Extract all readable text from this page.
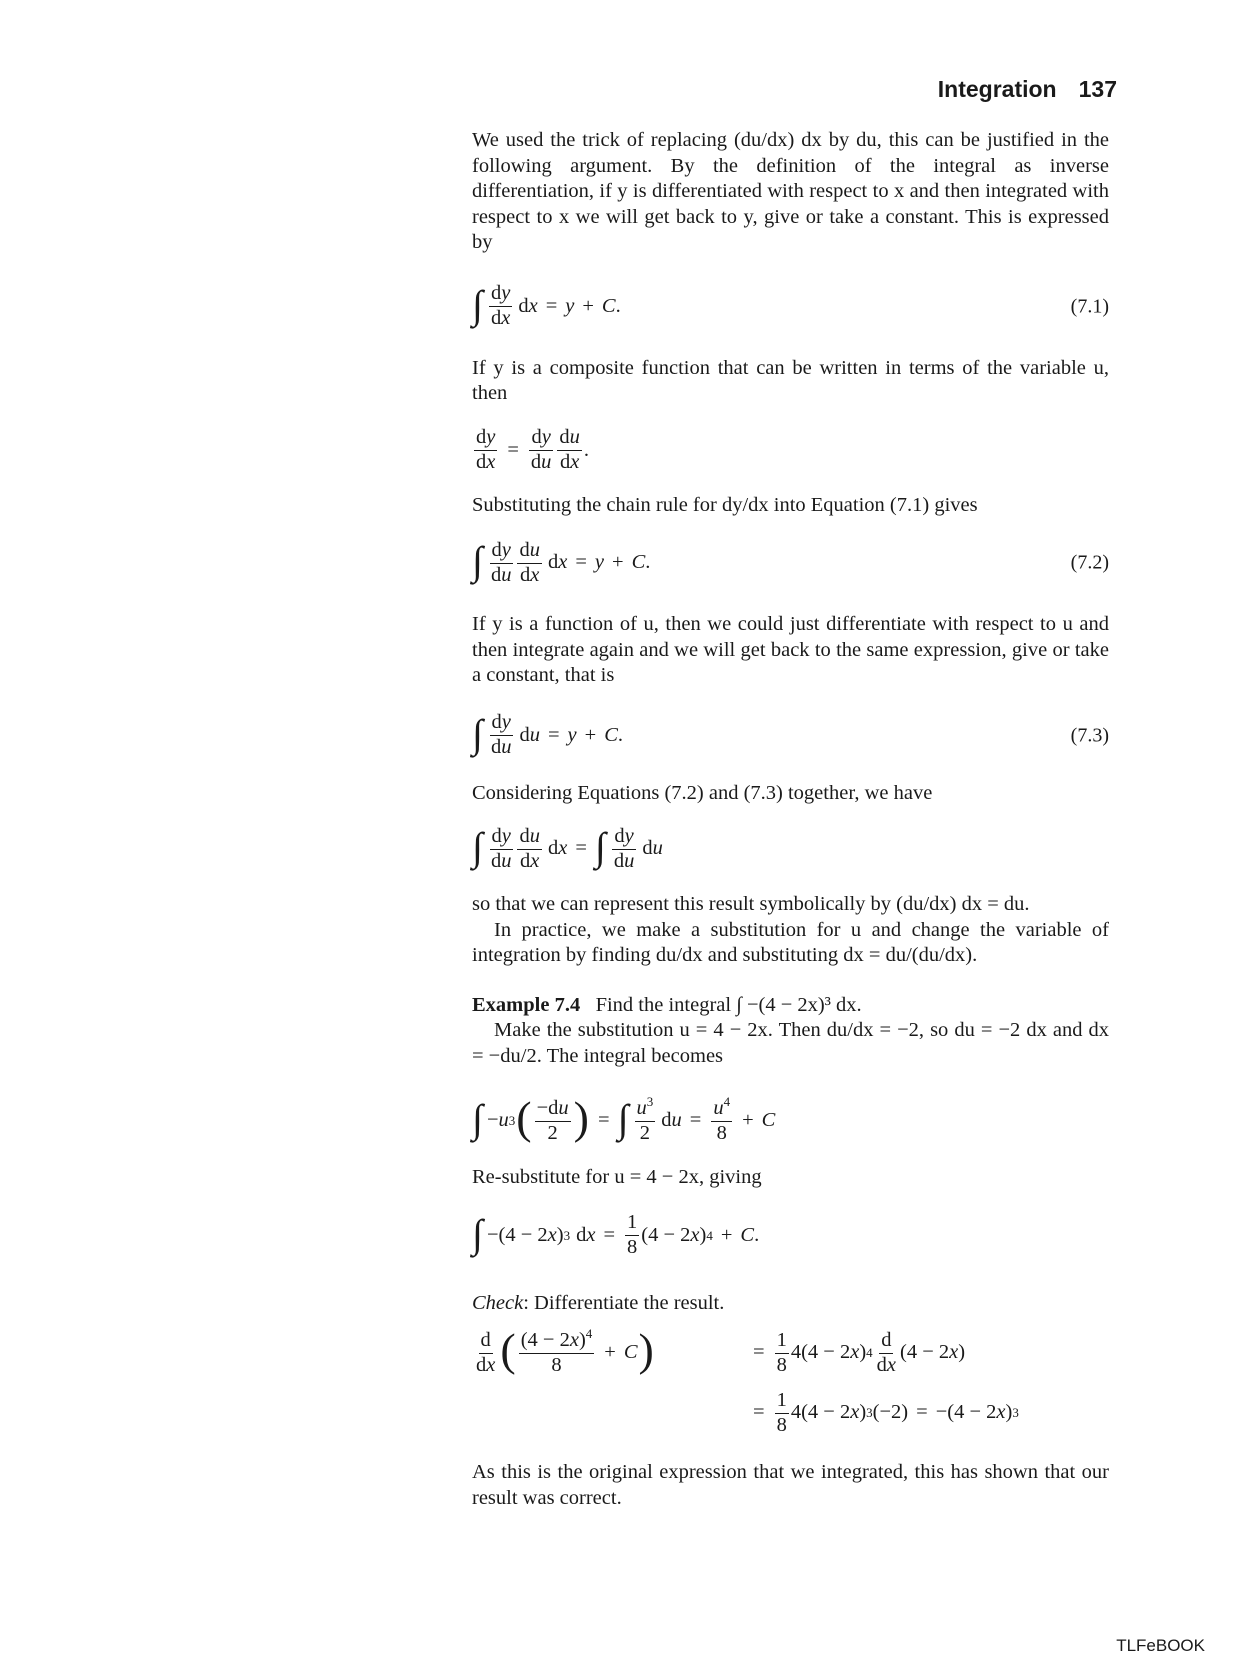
Integration 137

We used the trick of replacing (du/dx) dx by du, this can be justified in the following argument. By the definition of the integral as inverse differentiation, if y is differentiated with respect to x and then integrated with respect to x we will get back to y, give or take a constant. This is expressed by

∫ $\frac{dy}{dx}$ dx = y + C .	(7.1)

If y is a composite function that can be written in terms of the variable u, then

$\frac{dy}{dx} = \frac{dy}{du} \frac{du}{dx}$ .

Substituting the chain rule for dy/dx into Equation (7.1) gives

∫ $\frac{dy}{du} \frac{du}{dx}$ dx = y + C .	(7.2)

If y is a function of u, then we could just differentiate with respect to u and then integrate again and we will get back to the same expression, give or take a constant, that is

∫ $\frac{dy}{du}$ du = y + C .	(7.3)

Considering Equations (7.2) and (7.3) together, we have

∫ $\frac{dy}{du} \frac{du}{dx}$ dx = ∫ $\frac{dy}{du}$ du

so that we can represent this result symbolically by (du/dx) dx = du.

In practice, we make a substitution for u and change the variable of integration by finding du/dx and substituting dx = du/(du/dx).

Example 7.4 Find the integral ∫ −(4 − 2x)³ dx.

Make the substitution u = 4 − 2x. Then du/dx = −2, so du = −2 dx and dx = −du/2. The integral becomes

∫ − u 3 ( $\frac{-du}{2}$ ) = ∫ $\frac{u^3}{2}$ du = $\frac{u^4}{8} + C$

Re-substitute for u = 4 − 2x, giving

∫ −(4 − 2 x ) 3 dx = $\frac{1}{8} (4 - 2$ x ) 4 + C .

Check: Differentiate the result.

$\frac{d}{dx}$ ( $\frac{(4 - 2x)^4}{8} + C$ )	= $\frac{1}{8} 4(4 - 2$ x ) $4 \frac{d}{dx} (4 - 2$ x )
= $\frac{1}{8} 4(4 - 2$ x ) 3 (−2) = −(4 − 2 x ) 3

As this is the original expression that we integrated, this has shown that our result was correct.

TLFeBOOK
